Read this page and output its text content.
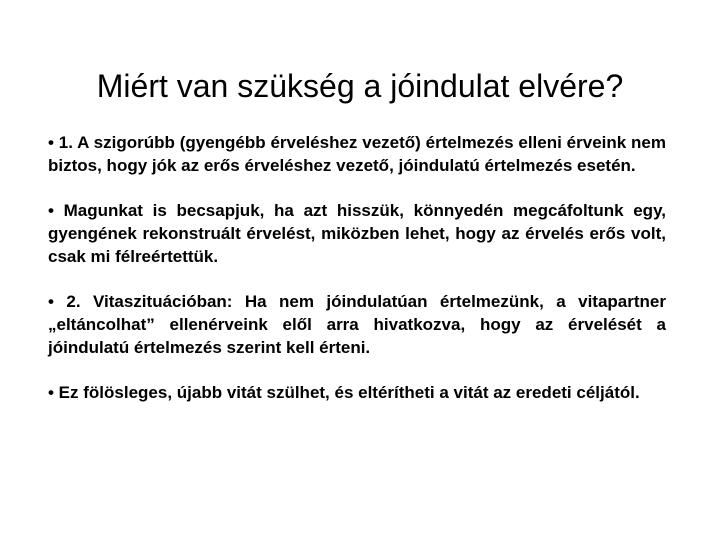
Miért van szükség a jóindulat elvére?
• 1. A szigorúbb (gyengébb érveléshez vezető) értelmezés elleni érveink nem biztos, hogy jók az erős érveléshez vezető, jóindulatú értelmezés esetén.
• Magunkat is becsapjuk, ha azt hisszük, könnyedén megcáfoltunk egy, gyengének rekonstruált érvelést, miközben lehet, hogy az érvelés erős volt, csak mi félreértettük.
• 2. Vitaszituációban: Ha nem jóindulatúan értelmezünk, a vitapartner „eltáncolhat” ellenérveink elől arra hivatkozva, hogy az érvelését a jóindulatú értelmezés szerint kell érteni.
• Ez fölösleges, újabb vitát szülhet, és eltérítheti a vitát az eredeti céljától.
